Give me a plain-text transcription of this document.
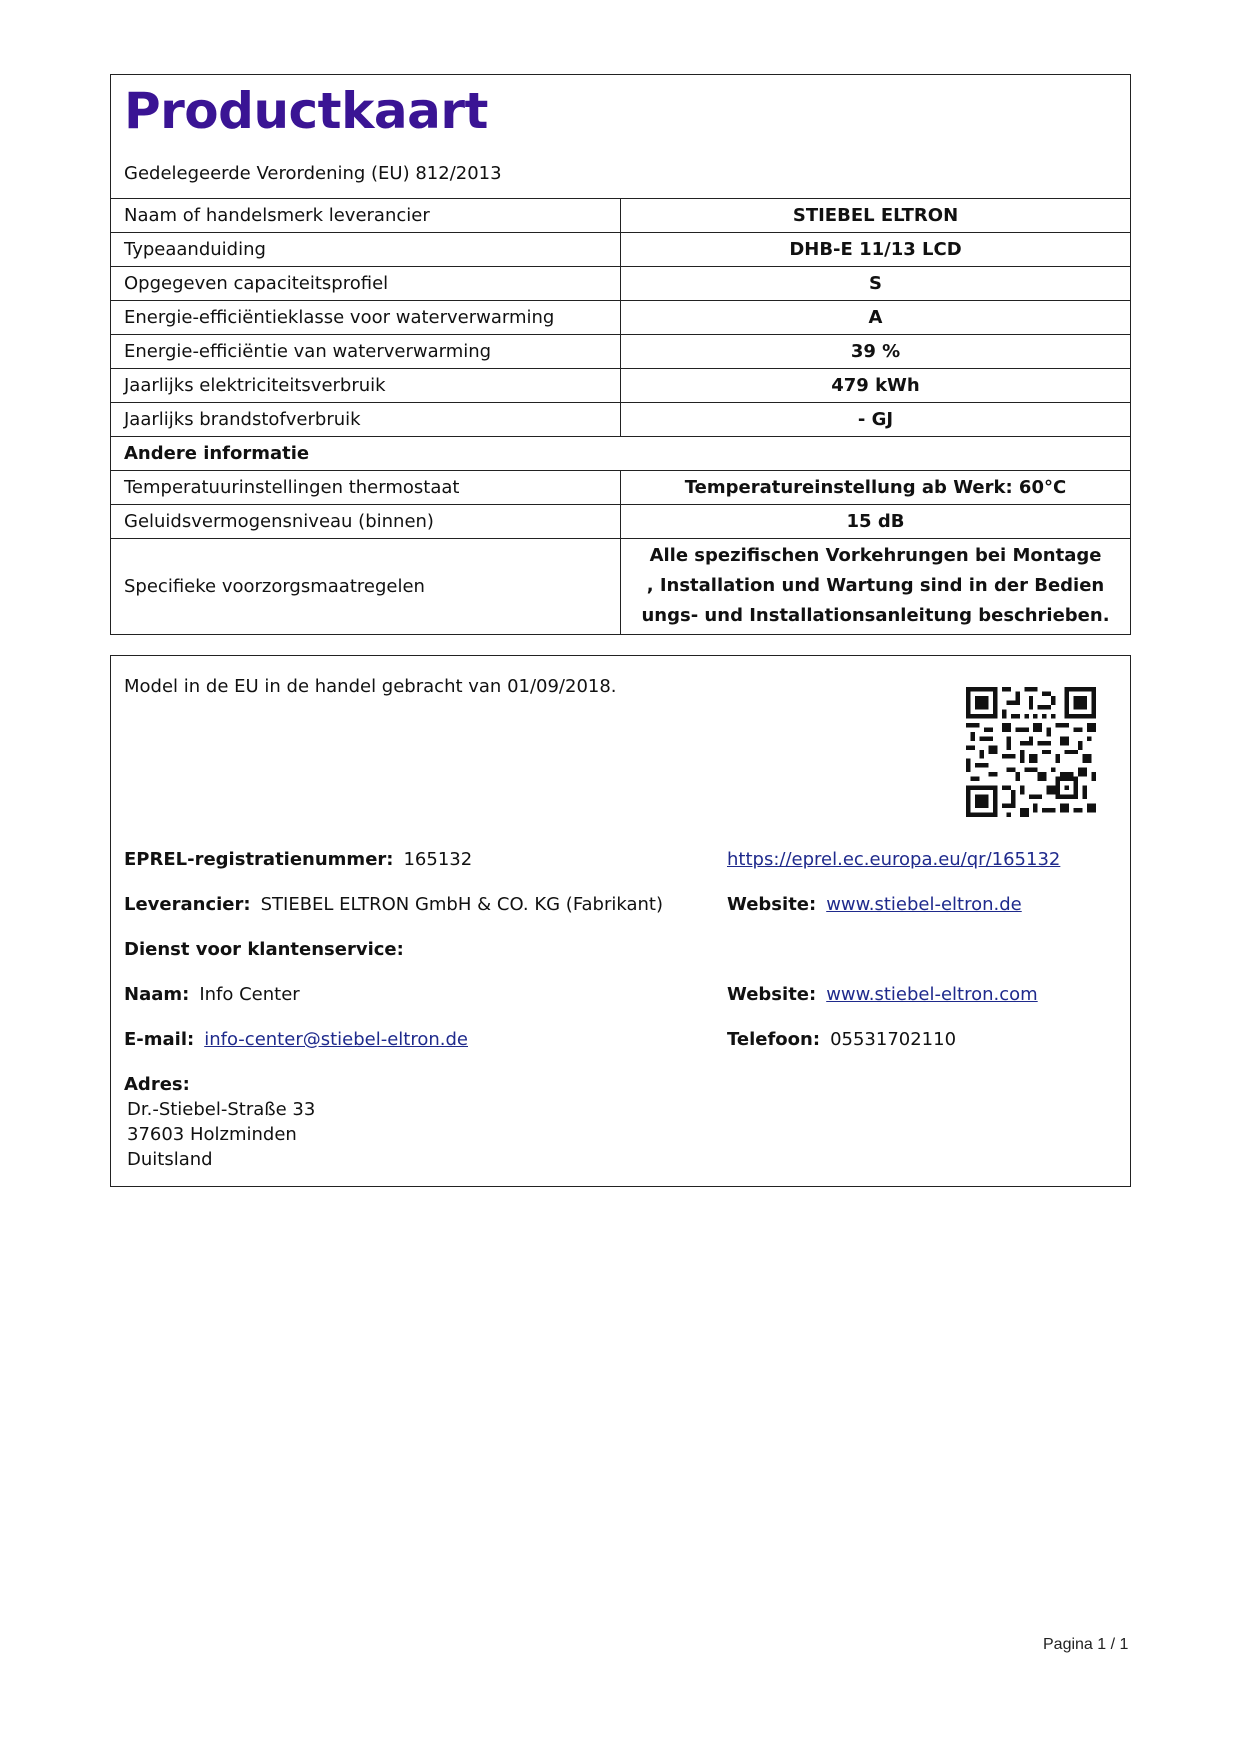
Productkaart
Gedelegeerde Verordening (EU) 812/2013
Naam of handelsmerk leverancier	STIEBEL ELTRON
Typeaanduiding	DHB-E 11/13 LCD
Opgegeven capaciteitsprofiel	S
Energie-efficiëntieklasse voor waterverwarming	A
Energie-efficiëntie van waterverwarming	39 %
Jaarlijks elektriciteitsverbruik	479 kWh
Jaarlijks brandstofverbruik	- GJ
Andere informatie	
Temperatuurinstellingen thermostaat	Temperatureinstellung ab Werk: 60°C
Geluidsvermogensniveau (binnen)	15 dB
Specifieke voorzorgsmaatregelen	Alle spezifischen Vorkehrungen bei Montage
, Installation und Wartung sind in der Bedien
ungs- und Installationsanleitung beschrieben.
Model in de EU in de handel gebracht van 01/09/2018.
EPREL-registratienummer: 165132	https://eprel.ec.europa.eu/qr/165132
Leverancier: STIEBEL ELTRON GmbH & CO. KG (Fabrikant)	Website: www.stiebel-eltron.de
Dienst voor klantenservice:
Naam: Info Center	Website: www.stiebel-eltron.com
E-mail: info-center@stiebel-eltron.de	Telefoon: 05531702110
Adres:
Dr.-Stiebel-Straße 33
37603 Holzminden
Duitsland
Pagina 1 / 1
